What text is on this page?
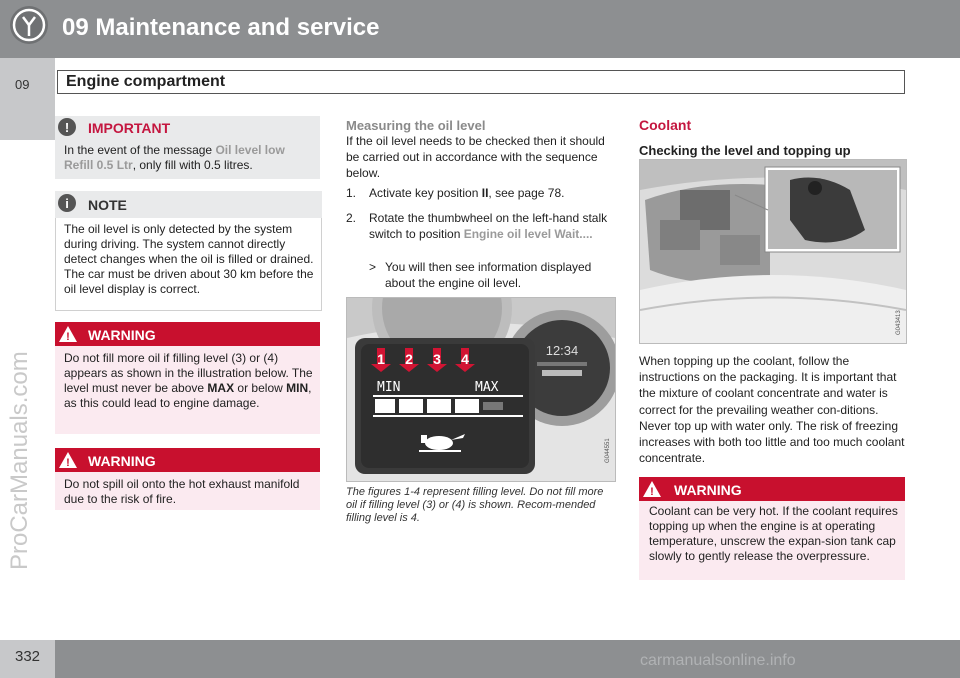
09 Maintenance and service
09 Engine compartment
ProCarManuals.com
!	IMPORTANT
In the event of the message Oil level low Refill 0.5 Ltr, only fill with 0.5 litres.
i	NOTE
The oil level is only detected by the system during driving. The system cannot directly detect changes when the oil is filled or drained. The car must be driven about 30 km before the oil level display is correct.
! WARNING
Do not fill more oil if filling level (3) or (4) appears as shown in the illustration below. The level must never be above MAX or below MIN, as this could lead to engine damage.
! WARNING
Do not spill oil onto the hot exhaust manifold due to the risk of fire.
Measuring the oil level
If the oil level needs to be checked then it should be carried out in accordance with the sequence below.
1. Activate key position II, see page 78.
2. Rotate the thumbwheel on the left-hand stalk switch to position Engine oil level Wait....
> You will then see information displayed about the engine oil level.
12:34
1 2 3 4
MIN	MAX
G044551
The figures 1-4 represent filling level. Do not fill more oil if filling level (3) or (4) is shown. Recom-mended filling level is 4.
Coolant
Checking the level and topping up
G043413
When topping up the coolant, follow the instructions on the packaging. It is important that the mixture of coolant concentrate and water is correct for the prevailing weather con-ditions. Never top up with water only. The risk of freezing increases with both too little and too much coolant concentrate.
! WARNING
Coolant can be very hot. If the coolant requires topping up when the engine is at operating temperature, unscrew the expan-sion tank cap slowly to gently release the overpressure.
332	carmanualsonline.info
